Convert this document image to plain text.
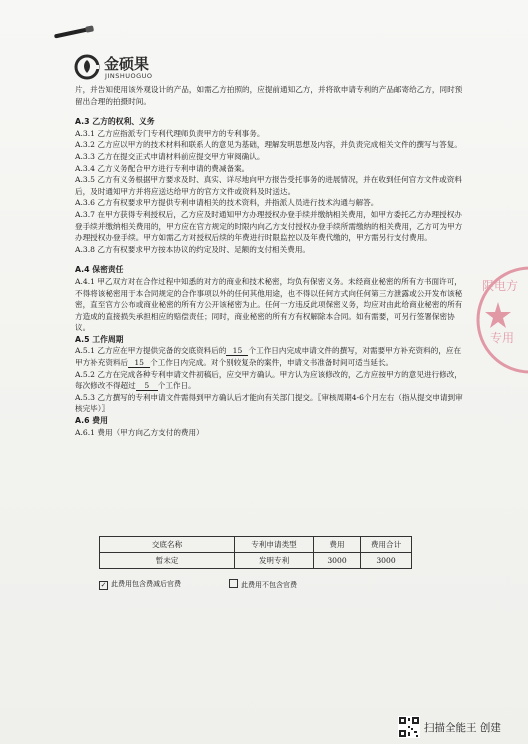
金硕果
JINSHUOGUO

片，并告知使用该外观设计的产品，如需乙方拍照的，应提前通知乙方，并将欲申请专利的产品邮寄给乙方，同时预留出合理的拍摄时间。

A.3 乙方的权利、义务

A.3.1 乙方应指派专门专利代理师负责甲方的专利事务。

A.3.2 乙方应以甲方的技术材料和联系人的意见为基础，理解发明思想及内容，并负责完成相关文件的撰写与答复。

A.3.3 乙方在提交正式申请材料前应提交甲方审阅确认。

A.3.4 乙方义务配合甲方进行专利申请的费减备案。

A.3.5 乙方有义务根据甲方要求及时、真实、详尽地向甲方报告受托事务的进展情况，并在收到任何官方文件或资料后，及时通知甲方并将应送达给甲方的官方文件或资料及时送达。

A.3.6 乙方有权要求甲方提供专利申请相关的技术资料，并指派人员进行技术沟通与解答。

A.3.7 在甲方获得专利授权后，乙方应及时通知甲方办理授权办登手续并缴纳相关费用，如甲方委托乙方办理授权办登手续并缴纳相关费用的，甲方应在官方规定的时限内向乙方支付授权办登手续所需缴纳的相关费用，乙方可为甲方办理授权办登手续。甲方如需乙方对授权后续的年费进行时限监控以及年费代缴的，甲方需另行支付费用。

A.3.8 乙方有权要求甲方按本协议的约定及时、足额的支付相关费用。

A.4 保密责任

A.4.1 甲乙双方对在合作过程中知悉的对方的商业和技术秘密，均负有保密义务。未经商业秘密的所有方书面许可，不得将该秘密用于本合同规定的合作事项以外的任何其他用途，也不得以任何方式向任何第三方泄露或公开发布该秘密，直至官方公布或商业秘密的所有方公开该秘密为止。任何一方违反此项保密义务，均应对由此给商业秘密的所有方造成的直接损失承担相应的赔偿责任；同时，商业秘密的所有方有权解除本合同。如有需要，可另行签署保密协议。

A.5 工作周期

A.5.1 乙方应在甲方提供完备的交底资料后的 15 个工作日内完成申请文件的撰写，对需要甲方补充资料的，应在甲方补充资料后 15 个工作日内完成。对个别较复杂的案件，申请文书准备时间可适当延长。

A.5.2 乙方在完成各种专利申请文件初稿后，应交甲方确认。甲方认为应该修改的，乙方应按甲方的意见进行修改，每次修改不得超过 5 个工作日。

A.5.3 乙方撰写的专利申请文件需得到甲方确认后才能向有关部门提交。〖审核周期4-6个月左右（指从提交申请到审核完毕）〗

A.6 费用

A.6.1 费用（甲方向乙方支付的费用）

交底名称	专利申请类型	费用	费用合计
暂未定	发明专利	3000	3000
✓ 此费用包含费减后官费	此费用不包含官费
限电方
专用
扫描全能王 创建
